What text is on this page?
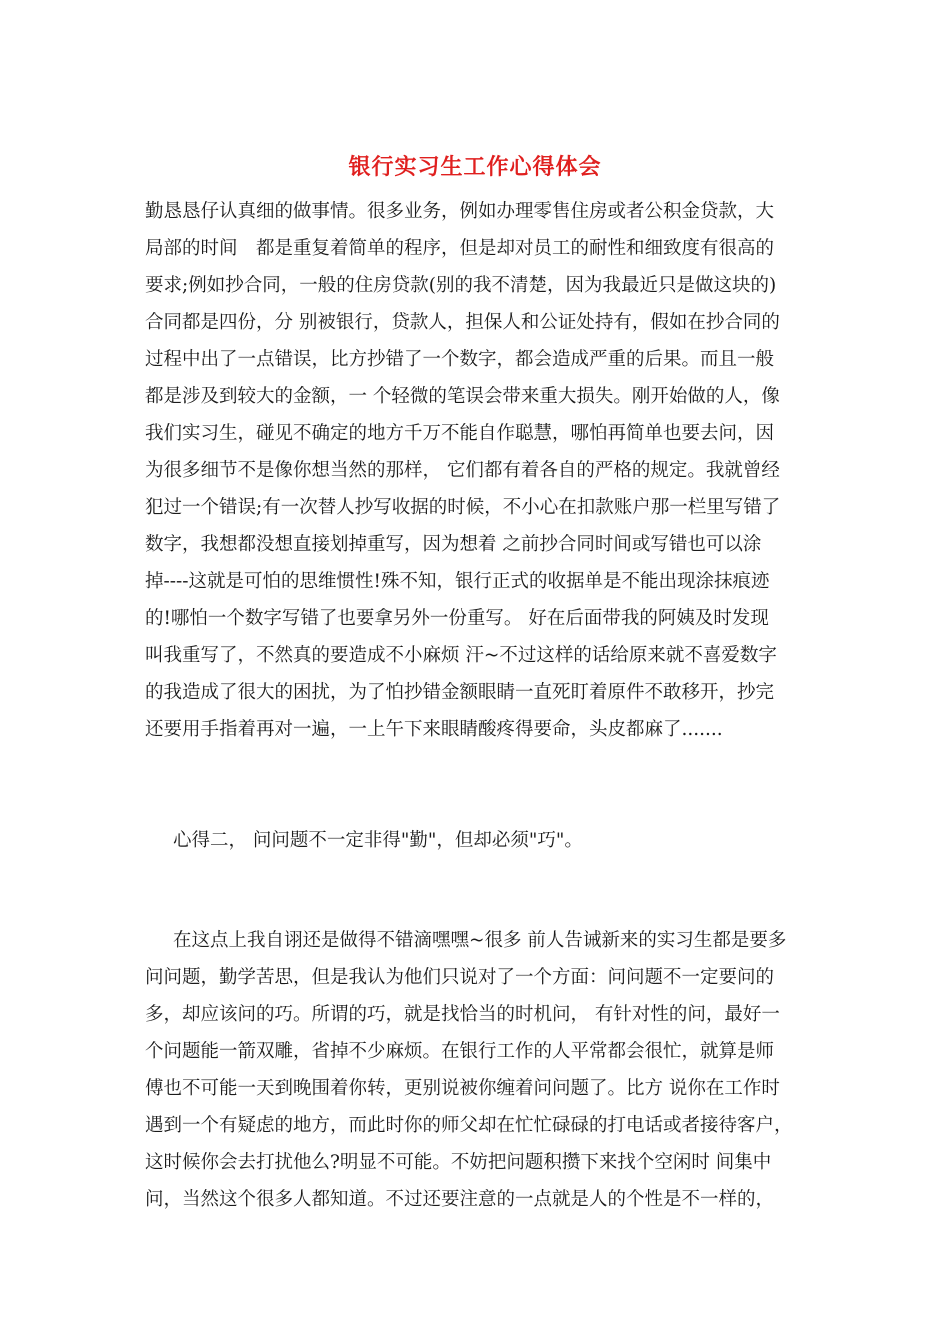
银行实习生工作心得体会
勤恳恳仔认真细的做事情。很多业务，例如办理零售住房或者公积金贷款，大
局部的时间　都是重复着简单的程序，但是却对员工的耐性和细致度有很高的
要求;例如抄合同，一般的住房贷款(别的我不清楚，因为我最近只是做这块的)
合同都是四份，分 别被银行，贷款人，担保人和公证处持有，假如在抄合同的
过程中出了一点错误，比方抄错了一个数字，都会造成严重的后果。而且一般
都是涉及到较大的金额，一 个轻微的笔误会带来重大损失。刚开始做的人，像
我们实习生，碰见不确定的地方千万不能自作聪慧，哪怕再简单也要去问，因
为很多细节不是像你想当然的那样， 它们都有着各自的严格的规定。我就曾经
犯过一个错误;有一次替人抄写收据的时候，不小心在扣款账户那一栏里写错了
数字，我想都没想直接划掉重写，因为想着 之前抄合同时间或写错也可以涂
掉----这就是可怕的思维惯性!殊不知，银行正式的收据单是不能出现涂抹痕迹
的!哪怕一个数字写错了也要拿另外一份重写。 好在后面带我的阿姨及时发现
叫我重写了，不然真的要造成不小麻烦 汗~不过这样的话给原来就不喜爱数字
的我造成了很大的困扰，为了怕抄错金额眼睛一直死盯着原件不敢移开，抄完
还要用手指着再对一遍，一上午下来眼睛酸疼得要命，头皮都麻了.......
心得二， 问问题不一定非得"勤"，但却必须"巧"。
在这点上我自诩还是做得不错滴嘿嘿~很多 前人告诫新来的实习生都是要多
问问题，勤学苦思，但是我认为他们只说对了一个方面：问问题不一定要问的
多，却应该问的巧。所谓的巧，就是找恰当的时机问， 有针对性的问，最好一
个问题能一箭双雕，省掉不少麻烦。在银行工作的人平常都会很忙，就算是师
傅也不可能一天到晚围着你转，更别说被你缠着问问题了。比方 说你在工作时
遇到一个有疑虑的地方，而此时你的师父却在忙忙碌碌的打电话或者接待客户，
这时候你会去打扰他么?明显不可能。不妨把问题积攒下来找个空闲时 间集中
问，当然这个很多人都知道。不过还要注意的一点就是人的个性是不一样的，
